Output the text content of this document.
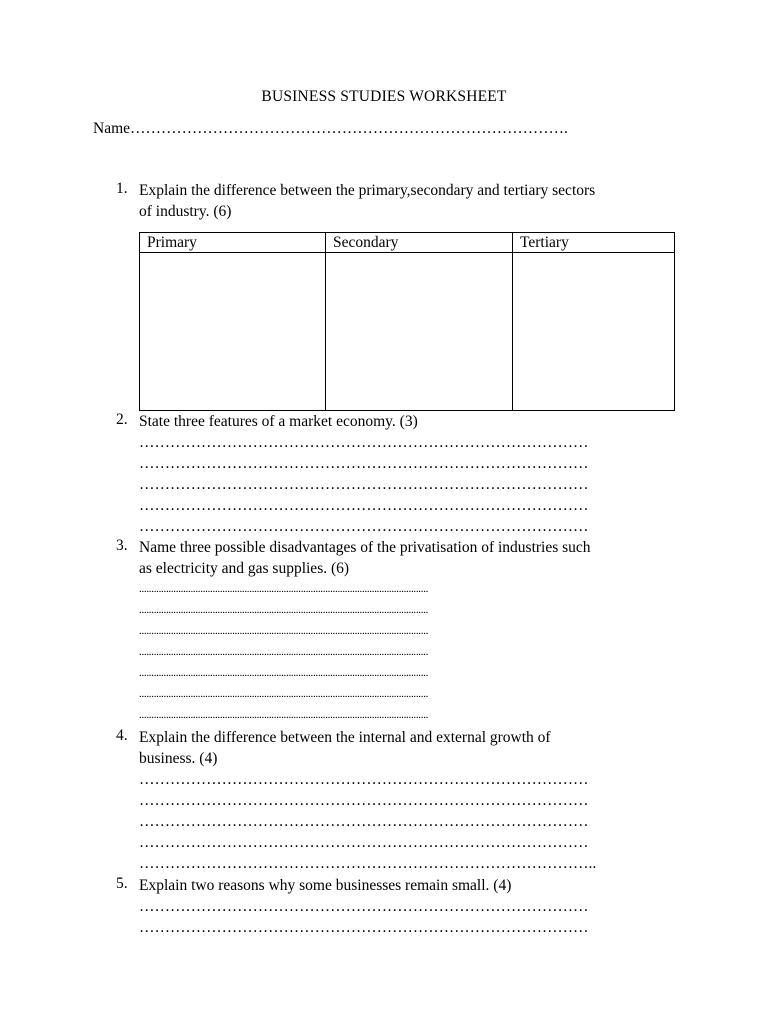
BUSINESS STUDIES WORKSHEET
Name………………………………………………………………………….
1. Explain the difference between the primary,secondary and tertiary sectors
of industry. (6)
Primary	Secondary	Tertiary

2. State three features of a market economy. (3)
……………………………………………………………………………
……………………………………………………………………………
……………………………………………………………………………
……………………………………………………………………………
……………………………………………………………………………
3. Name three possible disadvantages of the privatisation of industries such
as electricity and gas supplies. (6)
......................................................................................................................
......................................................................................................................
......................................................................................................................
......................................................................................................................
......................................................................................................................
......................................................................................................................
......................................................................................................................
4. Explain the difference between the internal and external growth of
business. (4)
……………………………………………………………………………
……………………………………………………………………………
……………………………………………………………………………
……………………………………………………………………………
……………………………………………………………………………..
5. Explain two reasons why some businesses remain small. (4)
……………………………………………………………………………
……………………………………………………………………………
